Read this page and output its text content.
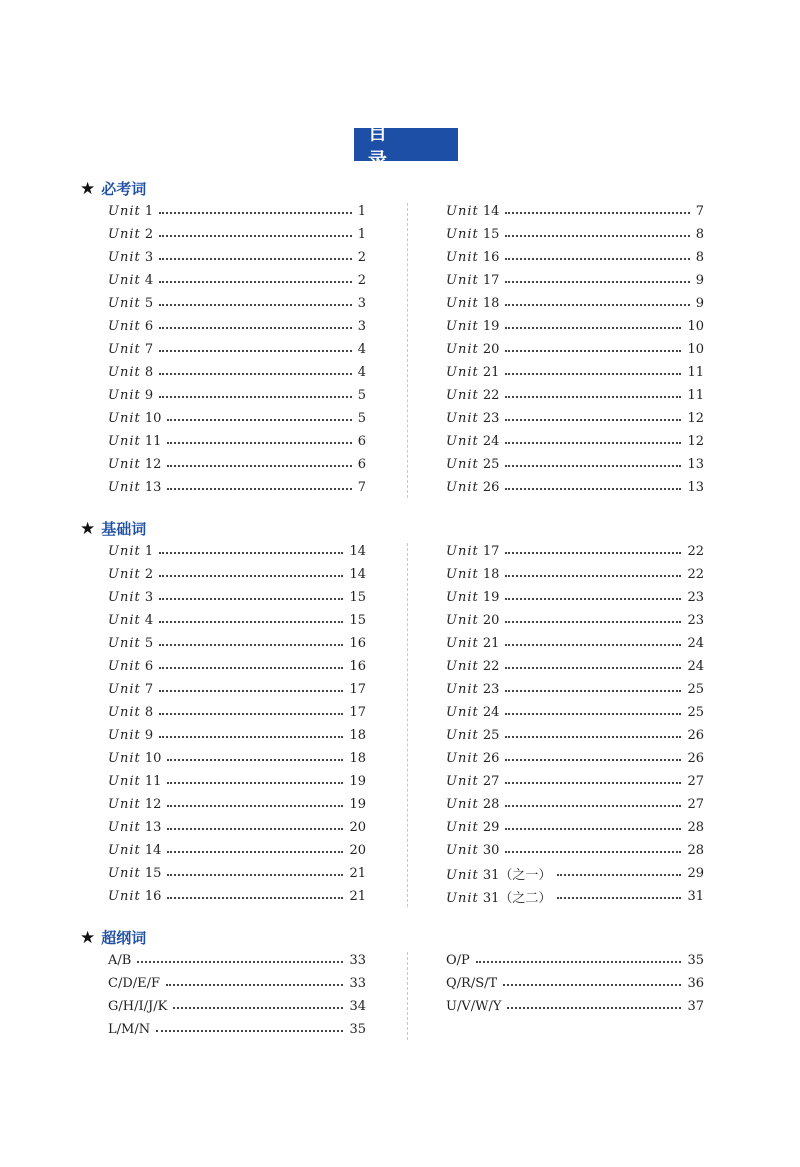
目 录
★ 必考词
Unit 1	1
Unit 2	1
Unit 3	2
Unit 4	2
Unit 5	3
Unit 6	3
Unit 7	4
Unit 8	4
Unit 9	5
Unit 10	5
Unit 11	6
Unit 12	6
Unit 13	7
Unit 14	7
Unit 15	8
Unit 16	8
Unit 17	9
Unit 18	9
Unit 19	10
Unit 20	10
Unit 21	11
Unit 22	11
Unit 23	12
Unit 24	12
Unit 25	13
Unit 26	13
★ 基础词
Unit 1	14
Unit 2	14
Unit 3	15
Unit 4	15
Unit 5	16
Unit 6	16
Unit 7	17
Unit 8	17
Unit 9	18
Unit 10	18
Unit 11	19
Unit 12	19
Unit 13	20
Unit 14	20
Unit 15	21
Unit 16	21
Unit 17	22
Unit 18	22
Unit 19	23
Unit 20	23
Unit 21	24
Unit 22	24
Unit 23	25
Unit 24	25
Unit 25	26
Unit 26	26
Unit 27	27
Unit 28	27
Unit 29	28
Unit 30	28
Unit 31（之一）	29
Unit 31（之二）	31
★ 超纲词
A/B	33
C/D/E/F	33
G/H/I/J/K	34
L/M/N	35
O/P	35
Q/R/S/T	36
U/V/W/Y	37
